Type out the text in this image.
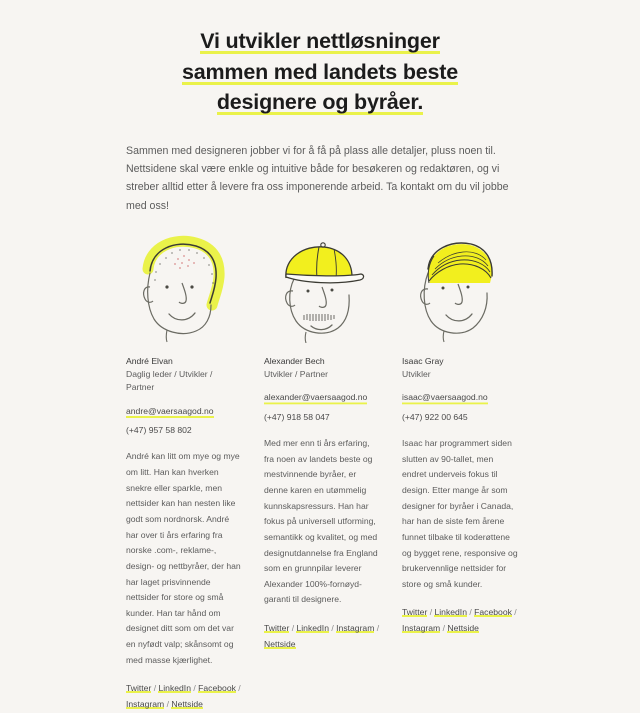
Vi utvikler nettløsninger
sammen med landets beste
designere og byråer.

Sammen med designeren jobber vi for å få på plass alle detaljer, pluss noen til. Nettsidene skal være enkle og intuitive både for besøkeren og redaktøren, og vi streber alltid etter å levere fra oss imponerende arbeid. Ta kontakt om du vil jobbe med oss!

André Elvan
Daglig leder / Utvikler / Partner
andre@vaersaagod.no
(+47) 957 58 802

André kan litt om mye og mye om litt. Han kan hverken snekre eller sparkle, men nettsider kan han nesten like godt som nordnorsk. André har over ti års erfaring fra norske .com-, reklame-, design- og nettbyråer, der han har laget prisvinnende nettsider for store og små kunder. Han tar hånd om designet ditt som om det var en nyfødt valp; skånsomt og med masse kjærlighet.

Twitter / LinkedIn / Facebook / Instagram / Nettside
Alexander Bech
Utvikler / Partner
alexander@vaersaagod.no
(+47) 918 58 047

Med mer enn ti års erfaring, fra noen av landets beste og mestvinnende byråer, er denne karen en utømmelig kunnskapsressurs. Han har fokus på universell utforming, semantikk og kvalitet, og med designutdannelse fra England som en grunnpilar leverer Alexander 100%-fornøyd-garanti til designere.

Twitter / LinkedIn / Instagram / Nettside
Isaac Gray
Utvikler
isaac@vaersaagod.no
(+47) 922 00 645

Isaac har programmert siden slutten av 90-tallet, men endret underveis fokus til design. Etter mange år som designer for byråer i Canada, har han de siste fem årene funnet tilbake til koderøttene og bygget rene, responsive og brukervennlige nettsider for store og små kunder.

Twitter / LinkedIn / Facebook / Instagram / Nettside
